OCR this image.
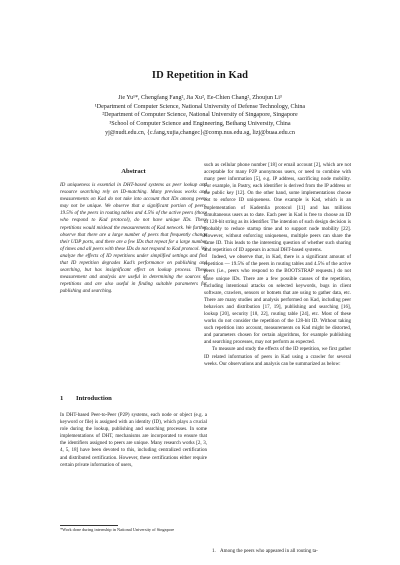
ID Repetition in Kad
Jie Yu¹*, Chengfang Fang², Jia Xu², Ee-Chien Chang², Zhoujun Li³
¹Department of Computer Science, National University of Defense Technology, China
²Department of Computer Science, National University of Singapore, Singapore
³School of Computer Science and Engineering, Beihang University, China
yj@nudt.edu.cn, {c.fang,xujia,changec}@comp.nus.edu.sg, lizj@buaa.edu.cn
Abstract
ID uniqueness is essential in DHT-based systems as peer lookup and resource searching rely on ID-matching. Many previous works and measurements on Kad do not take into account that IDs among peers may not be unique. We observe that a significant portion of peers, 19.5% of the peers in routing tables and 4.5% of the active peers (those who respond to Kad protocol), do not have unique IDs. These repetitions would mislead the measurements of Kad network. We further observe that there are a large number of peers that frequently change their UDP ports, and there are a few IDs that repeat for a large number of times and all peers with these IDs do not respond to Kad protocol. We analyze the effects of ID repetitions under simplified settings and find that ID repetition degrades Kad’s performance on publishing and searching, but has insignificant effect on lookup process. These measurement and analysis are useful in determining the sources of repetitions and are also useful in finding suitable parameters for publishing and searching.
1 Introduction
In DHT-based Peer-to-Peer (P2P) systems, each node or object (e.g. a keyword or file) is assigned with an identity (ID), which plays a crucial role during the lookup, publishing and searching processes. In some implementations of DHT, mechanisms are incorporated to ensure that the identifiers assigned to peers are unique. Many research works [2, 3, 4, 5, 18] have been devoted to this, including centralized certification and distributed certification. However, these certifications either require certain private information of users,
*Work done during internship in National University of Singapore

such as cellular phone number [18] or email account [2], which are not acceptable for many P2P anonymous users, or need to combine with many peer information [5], e.g. IP address, sacrificing node mobility. For example, in Pastry, each identifier is derived from the IP address or the public key [12]. On the other hand, some implementations choose not to enforce ID uniqueness. One example is Kad, which is an implementation of Kademlia protocol [11] and has millions simultaneous users as to date. Each peer in Kad is free to choose an ID of 128-bit string as its identifier. The intention of such design decision is probably to reduce startup time and to support node mobility [22]. However, without enforcing uniqueness, multiple peers can share the same ID. This leads to the interesting question of whether such sharing and repetition of ID appears in actual DHT-based systems.

Indeed, we observe that, in Kad, there is a significant amount of repetition — 19.5% of the peers in routing tables and 4.5% of the active peers (i.e., peers who respond to the BOOTSTRAP requests.) do not have unique IDs. There are a few possible causes of the repetition, including intentional attacks on selected keywords, bugs in client software, crawlers, sensors or botnets that are using to gather data, etc. There are many studies and analysis performed on Kad, including peer behaviors and distribution [17, 19], publishing and searching [16], lookup [20], security [18, 22], routing table [24], etc. Most of these works do not consider the repetition of the 128-bit ID. Without taking such repetition into account, measurements on Kad might be distorted, and parameters chosen for certain algorithms, for example publishing and searching processes, may not perform as expected.

To measure and study the effects of the ID repetition, we first gather ID related information of peers in Kad using a crawler for several weeks. Our observations and analysis can be summarized as below:

1. Among the peers who appeared in all routing ta-
